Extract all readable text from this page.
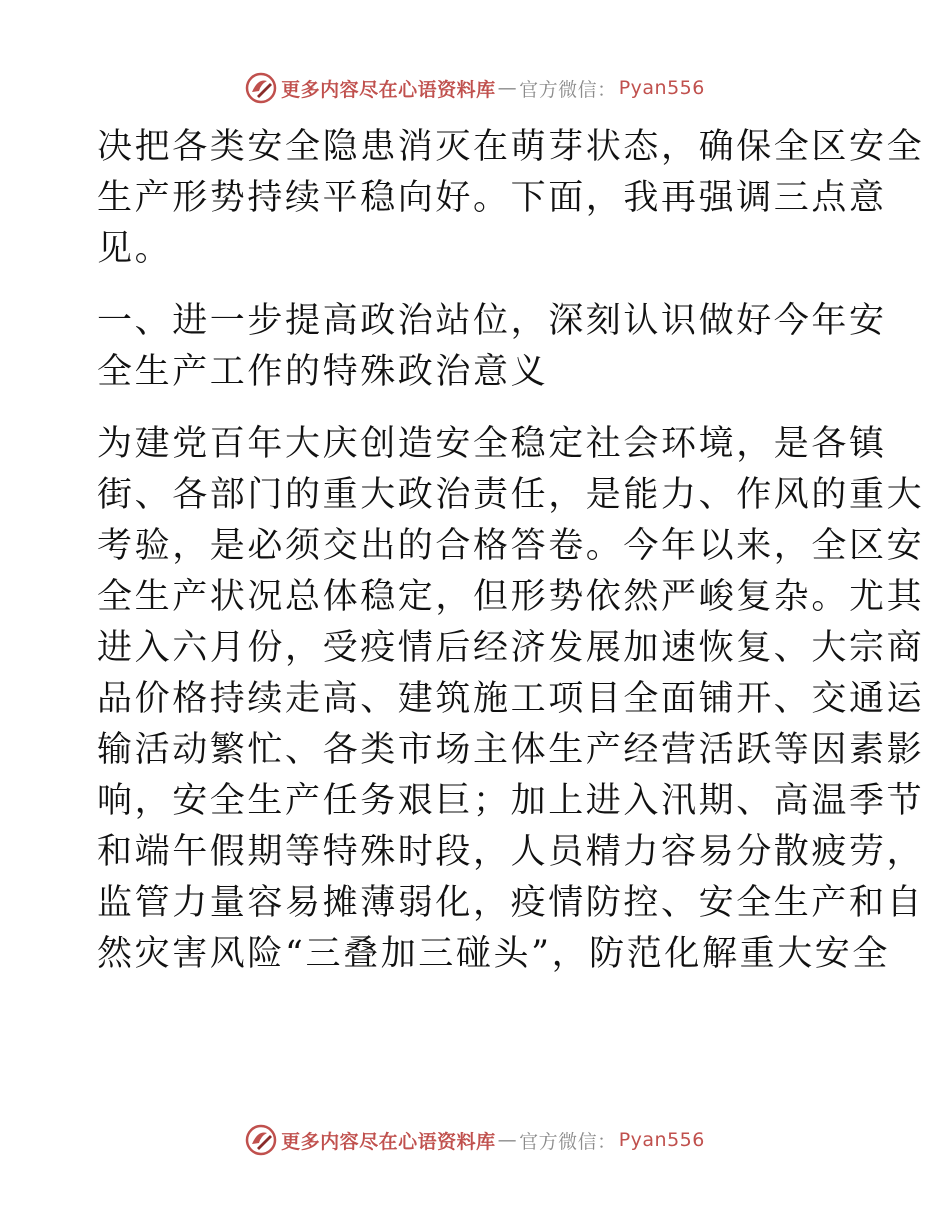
更多内容尽在心语资料库 — 官方微信： Pyan556

决把各类安全隐患消灭在萌芽状态，确保全区安全
生产形势持续平稳向好。下面，我再强调三点意
见。

一、进一步提高政治站位，深刻认识做好今年安
全生产工作的特殊政治意义

为建党百年大庆创造安全稳定社会环境，是各镇
街、各部门的重大政治责任，是能力、作风的重大
考验，是必须交出的合格答卷。今年以来，全区安
全生产状况总体稳定，但形势依然严峻复杂。尤其
进入六月份，受疫情后经济发展加速恢复、大宗商
品价格持续走高、建筑施工项目全面铺开、交通运
输活动繁忙、各类市场主体生产经营活跃等因素影
响，安全生产任务艰巨；加上进入汛期、高温季节
和端午假期等特殊时段，人员精力容易分散疲劳，
监管力量容易摊薄弱化，疫情防控、安全生产和自
然灾害风险“三叠加三碰头”，防范化解重大安全

更多内容尽在心语资料库 — 官方微信： Pyan556
